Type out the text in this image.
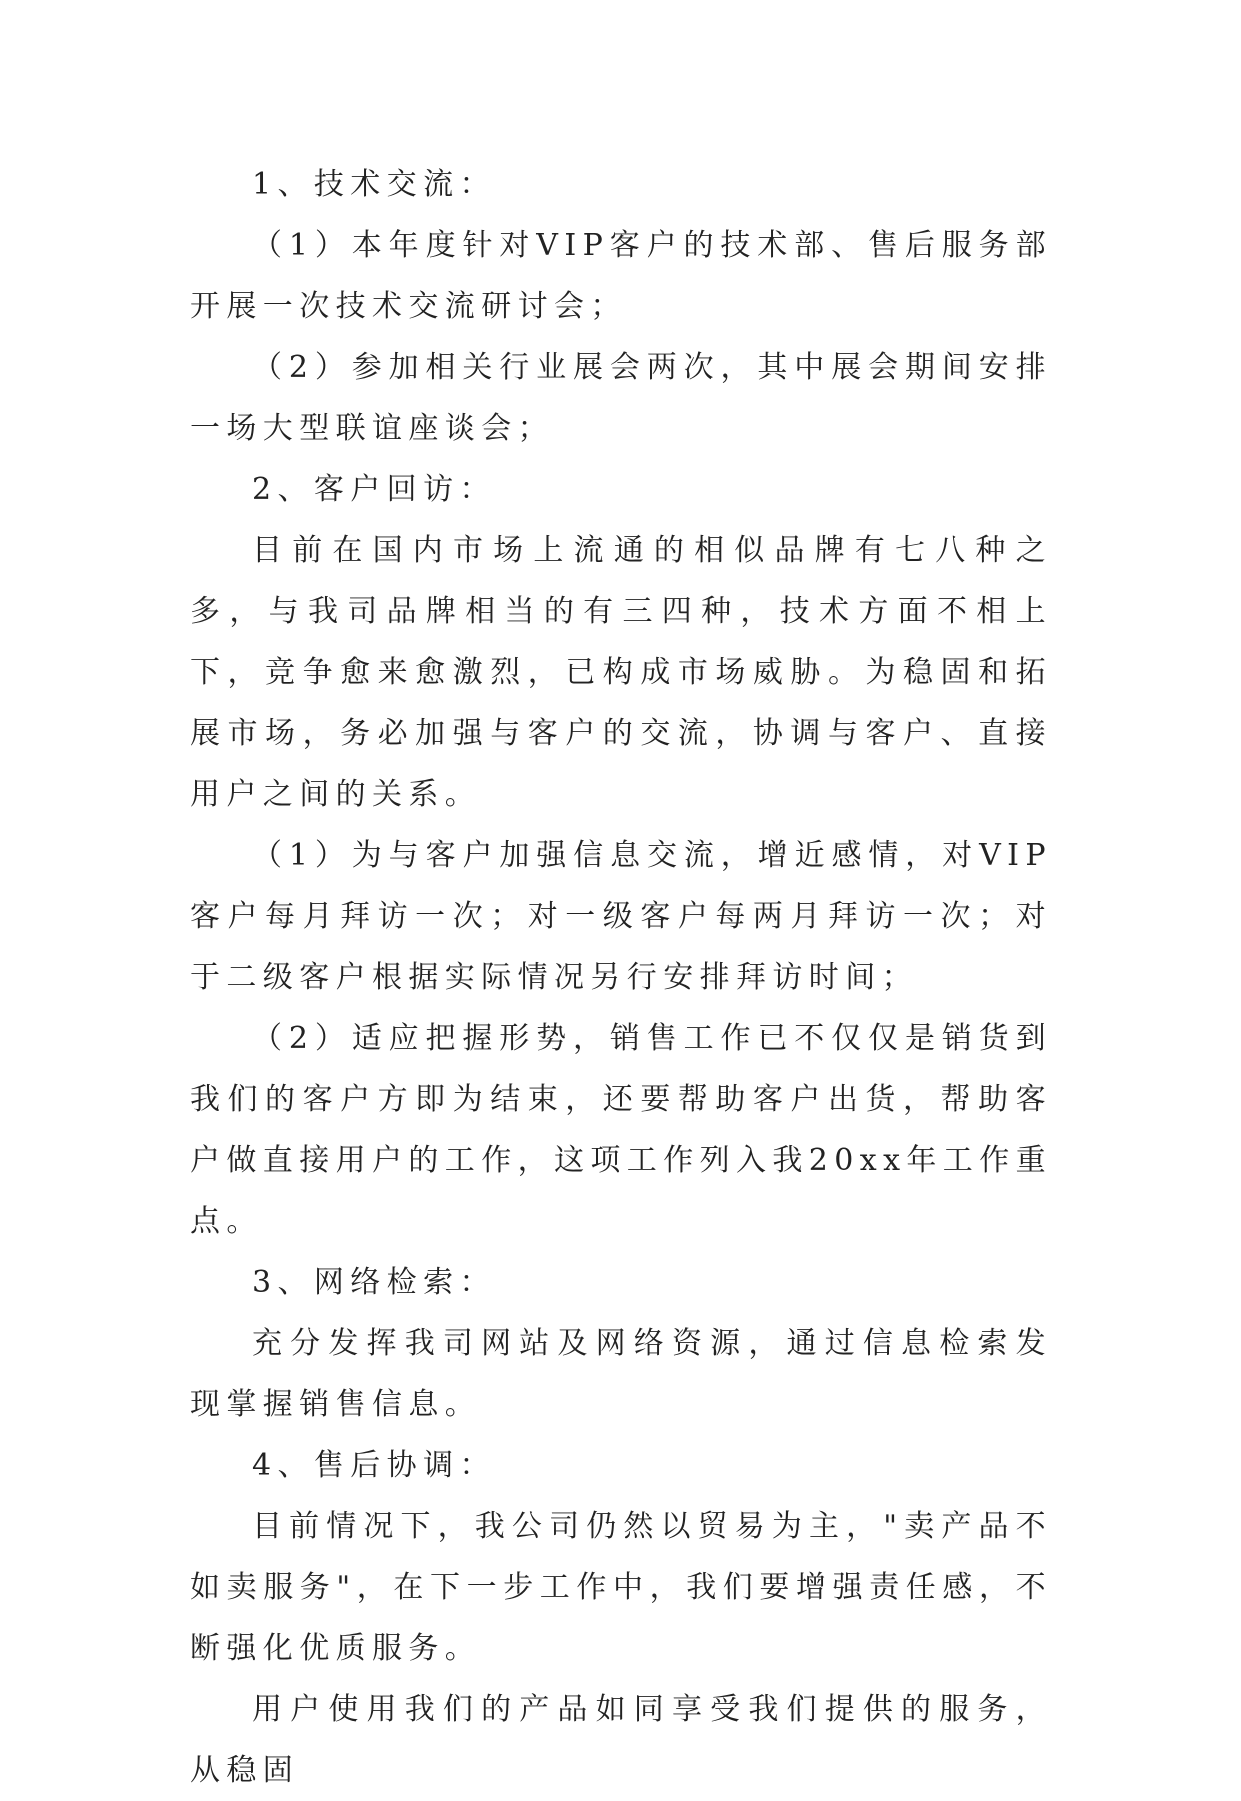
1、技术交流：

（1）本年度针对VIP客户的技术部、售后服务部开展一次技术交流研讨会；

（2）参加相关行业展会两次，其中展会期间安排一场大型联谊座谈会；

2、客户回访：

目前在国内市场上流通的相似品牌有七八种之多，与我司品牌相当的有三四种，技术方面不相上下，竞争愈来愈激烈，已构成市场威胁。为稳固和拓展市场，务必加强与客户的交流，协调与客户、直接用户之间的关系。

（1）为与客户加强信息交流，增近感情，对VIP客户每月拜访一次；对一级客户每两月拜访一次；对于二级客户根据实际情况另行安排拜访时间；

（2）适应把握形势，销售工作已不仅仅是销货到我们的客户方即为结束，还要帮助客户出货，帮助客户做直接用户的工作，这项工作列入我20xx年工作重点。

3、网络检索：

充分发挥我司网站及网络资源，通过信息检索发现掌握销售信息。

4、售后协调：

目前情况下，我公司仍然以贸易为主，"卖产品不如卖服务"，在下一步工作中，我们要增强责任感，不断强化优质服务。

用户使用我们的产品如同享受我们提供的服务，从稳固
